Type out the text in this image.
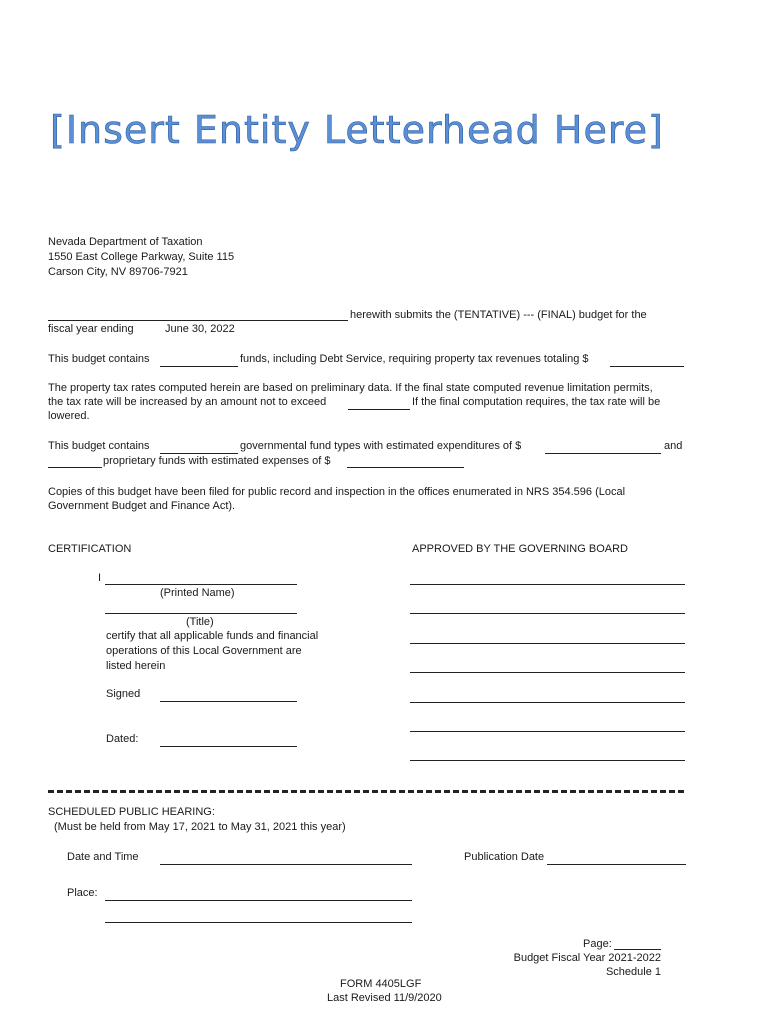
[Insert Entity Letterhead Here]
Nevada Department of Taxation
1550 East College Parkway, Suite 115
Carson City, NV 89706-7921
herewith submits the (TENTATIVE) --- (FINAL) budget for the
fiscal year ending	June 30, 2022
This budget contains	funds, including Debt Service, requiring property tax revenues totaling $
The property tax rates computed herein are based on preliminary data. If the final state computed revenue limitation permits,
the tax rate will be increased by an amount not to exceed	If the final computation requires, the tax rate will be
lowered.
This budget contains	governmental fund types with estimated expenditures of $	and
proprietary funds with estimated expenses of $
Copies of this budget have been filed for public record and inspection in the offices enumerated in NRS 354.596 (Local
Government Budget and Finance Act).
CERTIFICATION	APPROVED BY THE GOVERNING BOARD
I
(Printed Name)
(Title)
certify that all applicable funds and financial
operations of this Local Government are
listed herein
Signed
Dated:
SCHEDULED PUBLIC HEARING:
(Must be held from May 17, 2021 to May 31, 2021 this year)
Date and Time	Publication Date
Place:
Page:
Budget Fiscal Year 2021-2022
Schedule 1
FORM 4405LGF
Last Revised 11/9/2020
